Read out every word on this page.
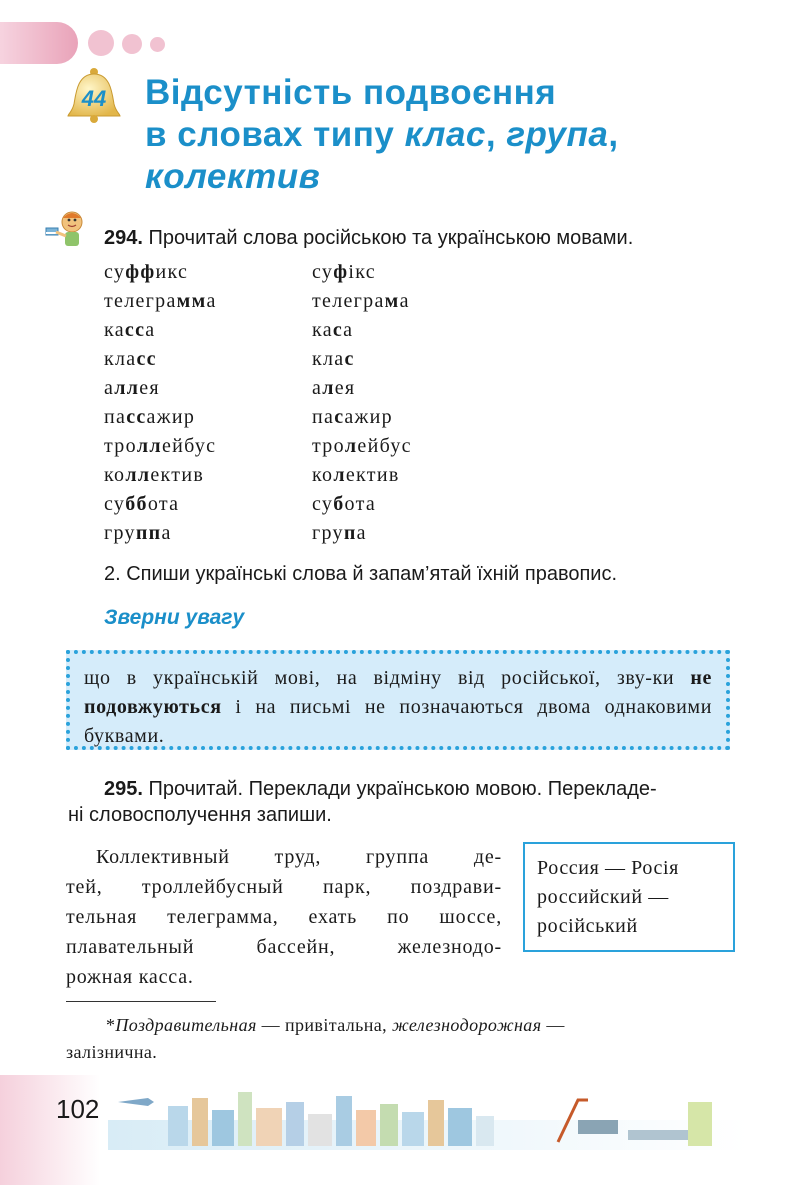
44	Відсутність подвоєння
в словах типу клас, група,
колектив
294. Прочитай слова російською та українською мовами.
суффикс
телеграмма
касса
класс
аллея
пассажир
троллейбус
коллектив
суббота
группа
суфікс
телеграма
каса
клас
алея
пасажир
тролейбус
колектив
субота
група
2. Спиши українські слова й запам’ятай їхній правопис.
Зверни увагу
що в українській мові, на відміну від російської, зву-ки не подовжуються і на письмі не позначаються двома однаковими буквами.
295. Прочитай. Переклади українською мовою. Перекладе-
ні словосполучення запиши.
Коллективный труд, группа де-
тей, троллейбусный парк, поздрави-
тельная телеграмма, ехать по шоссе,
плавательный бассейн, железнодо-
рожная касса.
Россия — Росія
российский —
російський
*Поздравительная — привітальна, железнодорожная —
залізнична.
102
